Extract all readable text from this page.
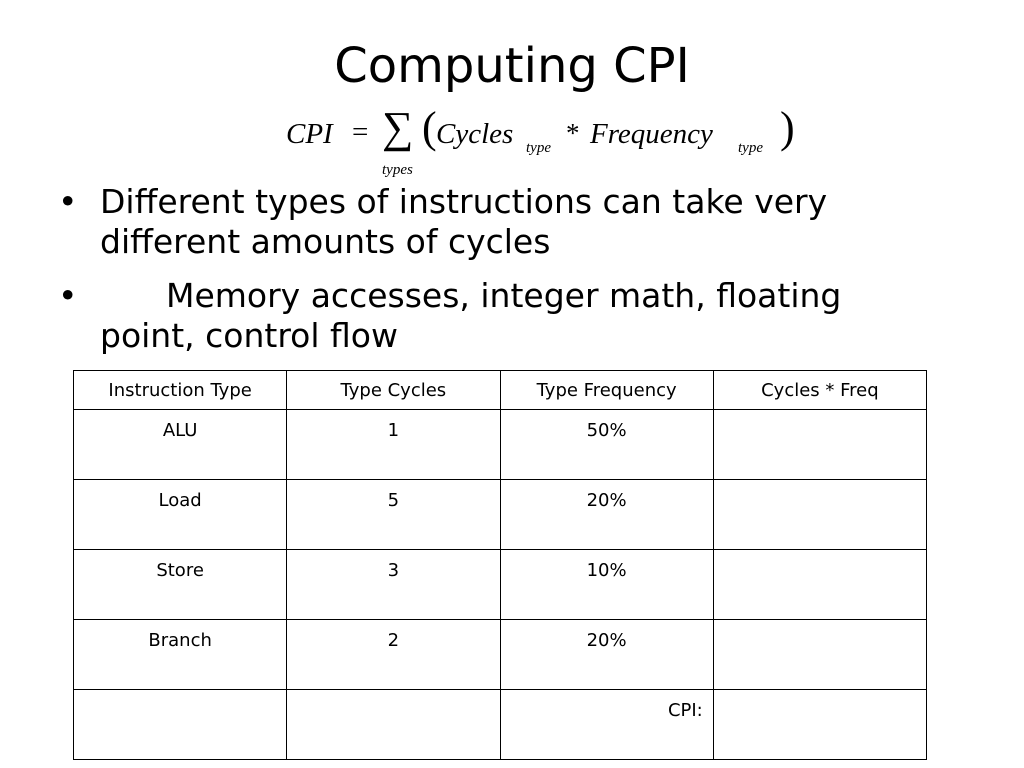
Computing CPI
CPI = ∑
types
( Cycles type * Frequency type )
• Different types of instructions can take very different amounts of cycles
•	Memory accesses, integer math, floating point, control flow
Instruction Type	Type Cycles	Type Frequency	Cycles * Freq
ALU	1	50%	
Load	5	20%	
Store	3	10%	
Branch	2	20%	
		CPI:	
